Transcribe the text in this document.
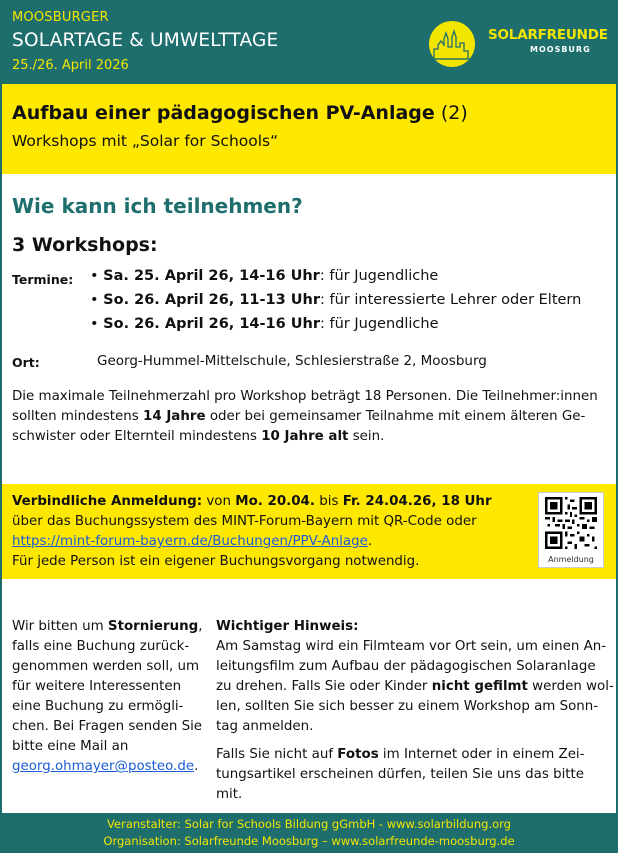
MOOSBURGER
SOLARTAGE & UMWELTTAGE
25./26. April 2026
SOLARFREUNDE
MOOSBURG
Aufbau einer pädagogischen PV-Anlage (2)
Workshops mit „Solar for Schools“
Wie kann ich teilnehmen?
3 Workshops:
Termine: • Sa. 25. April 26, 14-16 Uhr: für Jugendliche
• So. 26. April 26, 11-13 Uhr: für interessierte Lehrer oder Eltern
• So. 26. April 26, 14-16 Uhr: für Jugendliche
Ort:	Georg-Hummel-Mittelschule, Schlesierstraße 2, Moosburg
Die maximale Teilnehmerzahl pro Workshop beträgt 18 Personen. Die Teilnehmer:innen
sollten mindestens 14 Jahre oder bei gemeinsamer Teilnahme mit einem älteren Ge-
schwister oder Elternteil mindestens 10 Jahre alt sein.
Verbindliche Anmeldung: von Mo. 20.04. bis Fr. 24.04.26, 18 Uhr
über das Buchungssystem des MINT-Forum-Bayern mit QR-Code oder
https://mint-forum-bayern.de/Buchungen/PPV-Anlage.
Für jede Person ist ein eigener Buchungsvorgang notwendig.	Anmeldung
Wir bitten um Stornierung,
falls eine Buchung zurück-
genommen werden soll, um
für weitere Interessenten
eine Buchung zu ermögli-
chen. Bei Fragen senden Sie
bitte eine Mail an
georg.ohmayer@posteo.de.
Wichtiger Hinweis:
Am Samstag wird ein Filmteam vor Ort sein, um einen An-
leitungsfilm zum Aufbau der pädagogischen Solaranlage
zu drehen. Falls Sie oder Kinder nicht gefilmt werden wol-
len, sollten Sie sich besser zu einem Workshop am Sonn-
tag anmelden.
Falls Sie nicht auf Fotos im Internet oder in einem Zei-
tungsartikel erscheinen dürfen, teilen Sie uns das bitte
mit.
Veranstalter: Solar for Schools Bildung gGmbH - www.solarbildung.org
Organisation: Solarfreunde Moosburg – www.solarfreunde-moosburg.de
